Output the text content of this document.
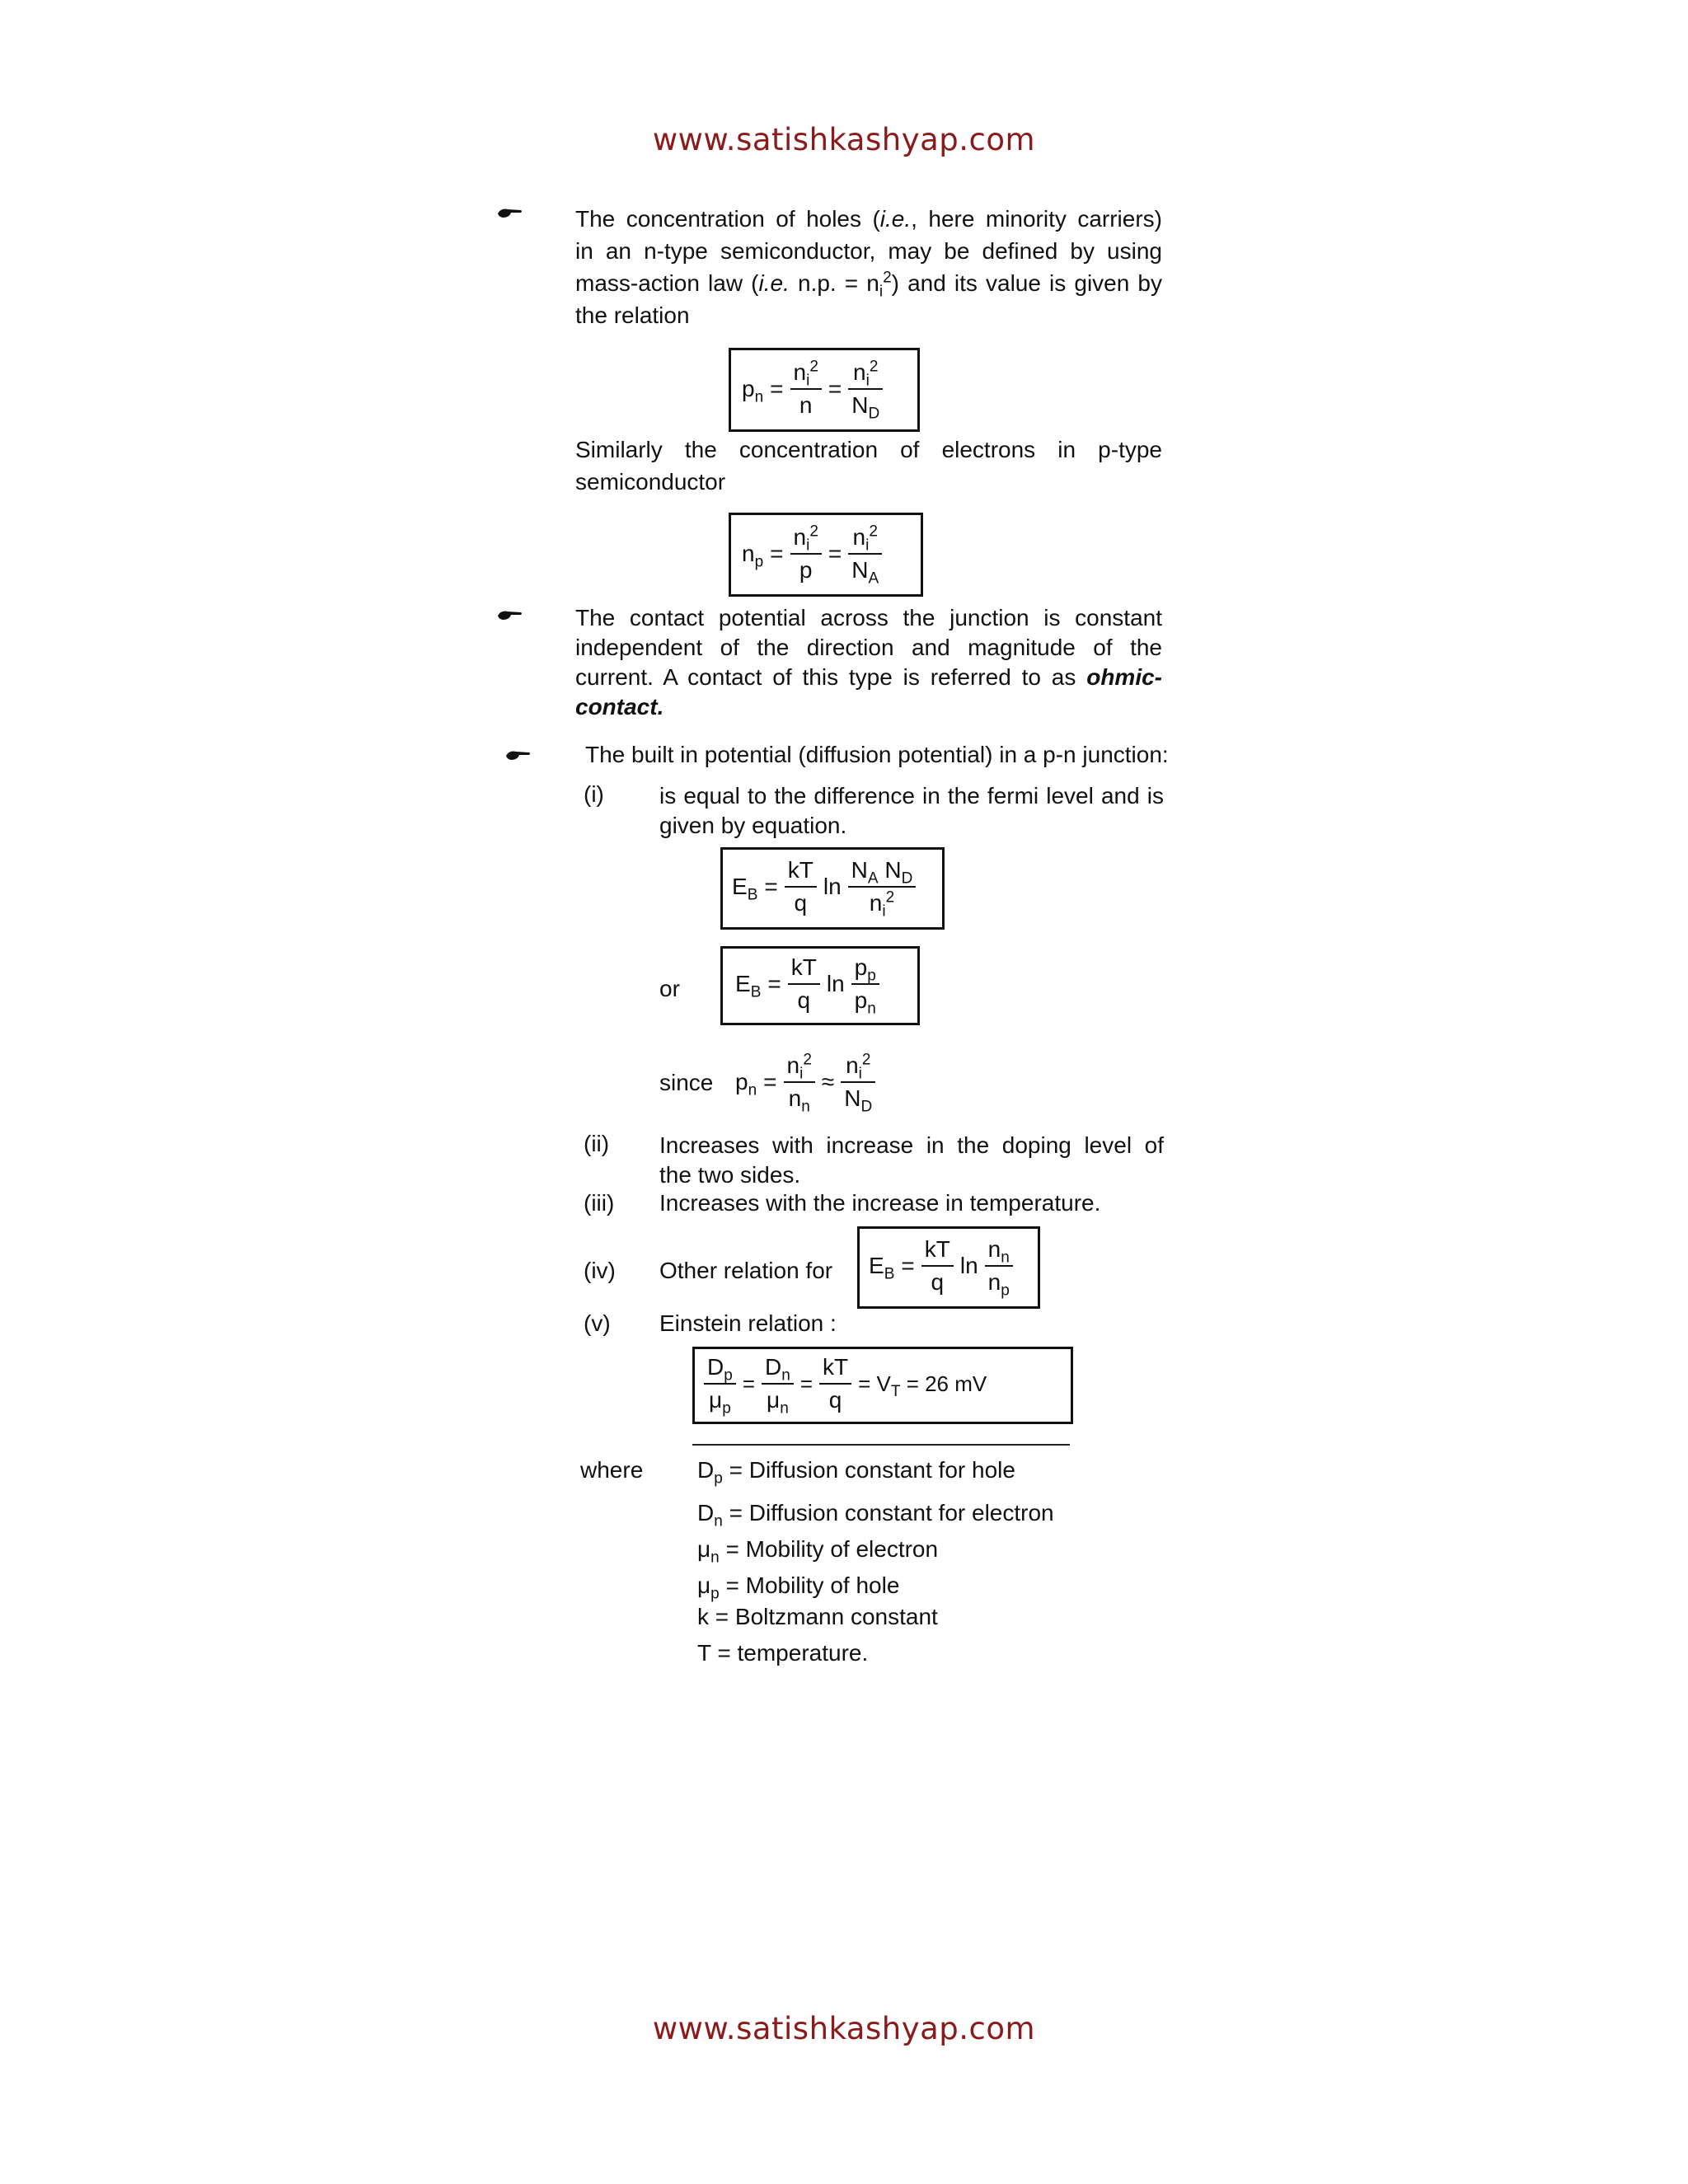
www.satishkashyap.com
The concentration of holes (i.e., here minority carriers)
in an n-type semiconductor, may be defined by using
mass-action law (i.e. n.p. = $n_i^2$) and its value is given by
the relation
$p_n = \frac{n_i^2}{n} = \frac{n_i^2}{N_D}$
Similarly the concentration of electrons in p-type
semiconductor
$n_p = \frac{n_i^2}{p} = \frac{n_i^2}{N_A}$
The contact potential across the junction is constant
independent of the direction and magnitude of the
current. A contact of this type is referred to as ohmic-
contact.
The built in potential (diffusion potential) in a p-n junction:
(i) is equal to the difference in the fermi level and is
given by equation.
$E_B = \frac{kT}{q}$ $\ln \frac{N_A N_D}{n_i^2}$
or $E_B = \frac{kT}{q}$ $\ln \frac{p_p}{p_n}$
since $p_n = \frac{n_i^2}{n_n} \approx \frac{n_i^2}{N_D}$
(ii) Increases with increase in the doping level of
the two sides.
(iii) Increases with the increase in temperature.
(iv) Other relation for $E_B = \frac{kT}{q}$ $\ln \frac{n_n}{n_p}$
(v) Einstein relation :
$\frac{D_p}{\mu_p} = \frac{D_n}{\mu_n} = \frac{kT}{q} = V_T = 26$ mV
where $D_p$ = Diffusion constant for hole
$D_n$ = Diffusion constant for electron
$\mu_n$ = Mobility of electron
$\mu_p$ = Mobility of hole
k = Boltzmann constant
T = temperature.
www.satishkashyap.com
